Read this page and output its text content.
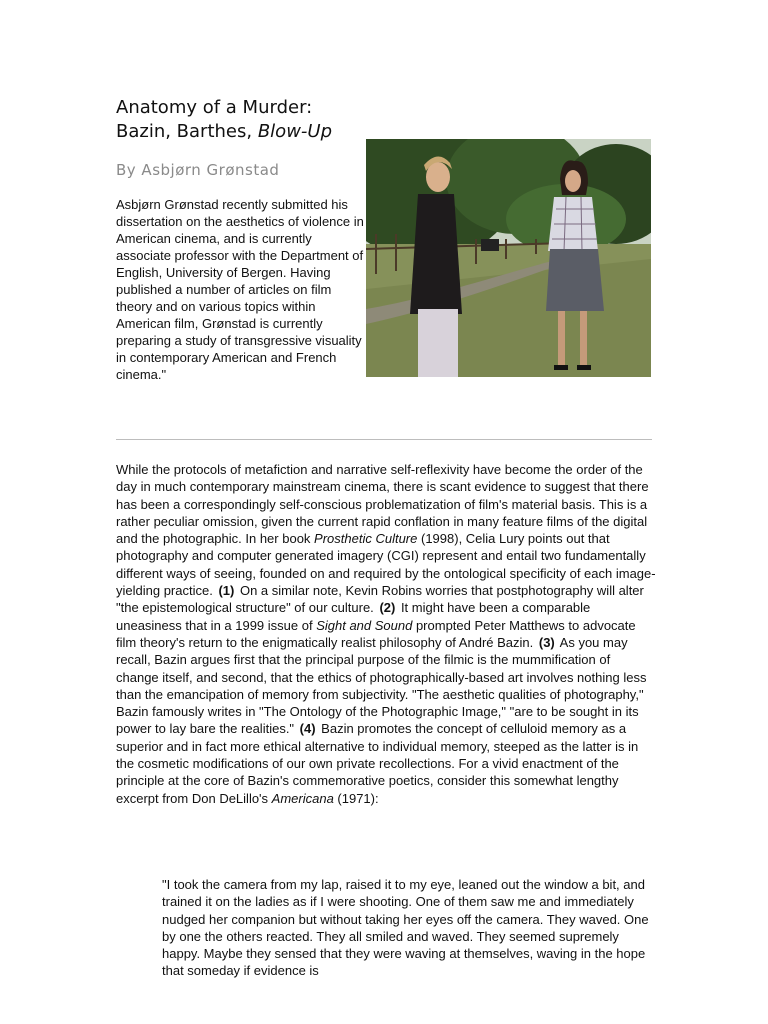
Anatomy of a Murder:
Bazin, Barthes, Blow-Up
By Asbjørn Grønstad
Asbjørn Grønstad recently submitted his dissertation on the aesthetics of violence in American cinema, and is currently associate professor with the Department of English, University of Bergen. Having published a number of articles on film theory and on various topics within American film, Grønstad is currently preparing a study of transgressive visuality in contemporary American and French cinema."
While the protocols of metafiction and narrative self-reflexivity have become the order of the day in much contemporary mainstream cinema, there is scant evidence to suggest that there has been a correspondingly self-conscious problematization of film's material basis. This is a rather peculiar omission, given the current rapid conflation in many feature films of the digital and the photographic. In her book Prosthetic Culture (1998), Celia Lury points out that photography and computer generated imagery (CGI) represent and entail two fundamentally different ways of seeing, founded on and required by the ontological specificity of each image-yielding practice. (1) On a similar note, Kevin Robins worries that postphotography will alter "the epistemological structure" of our culture. (2) It might have been a comparable uneasiness that in a 1999 issue of Sight and Sound prompted Peter Matthews to advocate film theory's return to the enigmatically realist philosophy of André Bazin. (3) As you may recall, Bazin argues first that the principal purpose of the filmic is the mummification of change itself, and second, that the ethics of photographically-based art involves nothing less than the emancipation of memory from subjectivity. "The aesthetic qualities of photography," Bazin famously writes in "The Ontology of the Photographic Image," "are to be sought in its power to lay bare the realities." (4) Bazin promotes the concept of celluloid memory as a superior and in fact more ethical alternative to individual memory, steeped as the latter is in the cosmetic modifications of our own private recollections. For a vivid enactment of the principle at the core of Bazin's commemorative poetics, consider this somewhat lengthy excerpt from Don DeLillo's Americana (1971):
"I took the camera from my lap, raised it to my eye, leaned out the window a bit, and trained it on the ladies as if I were shooting. One of them saw me and immediately nudged her companion but without taking her eyes off the camera. They waved. One by one the others reacted. They all smiled and waved. They seemed supremely happy. Maybe they sensed that they were waving at themselves, waving in the hope that someday if evidence is
